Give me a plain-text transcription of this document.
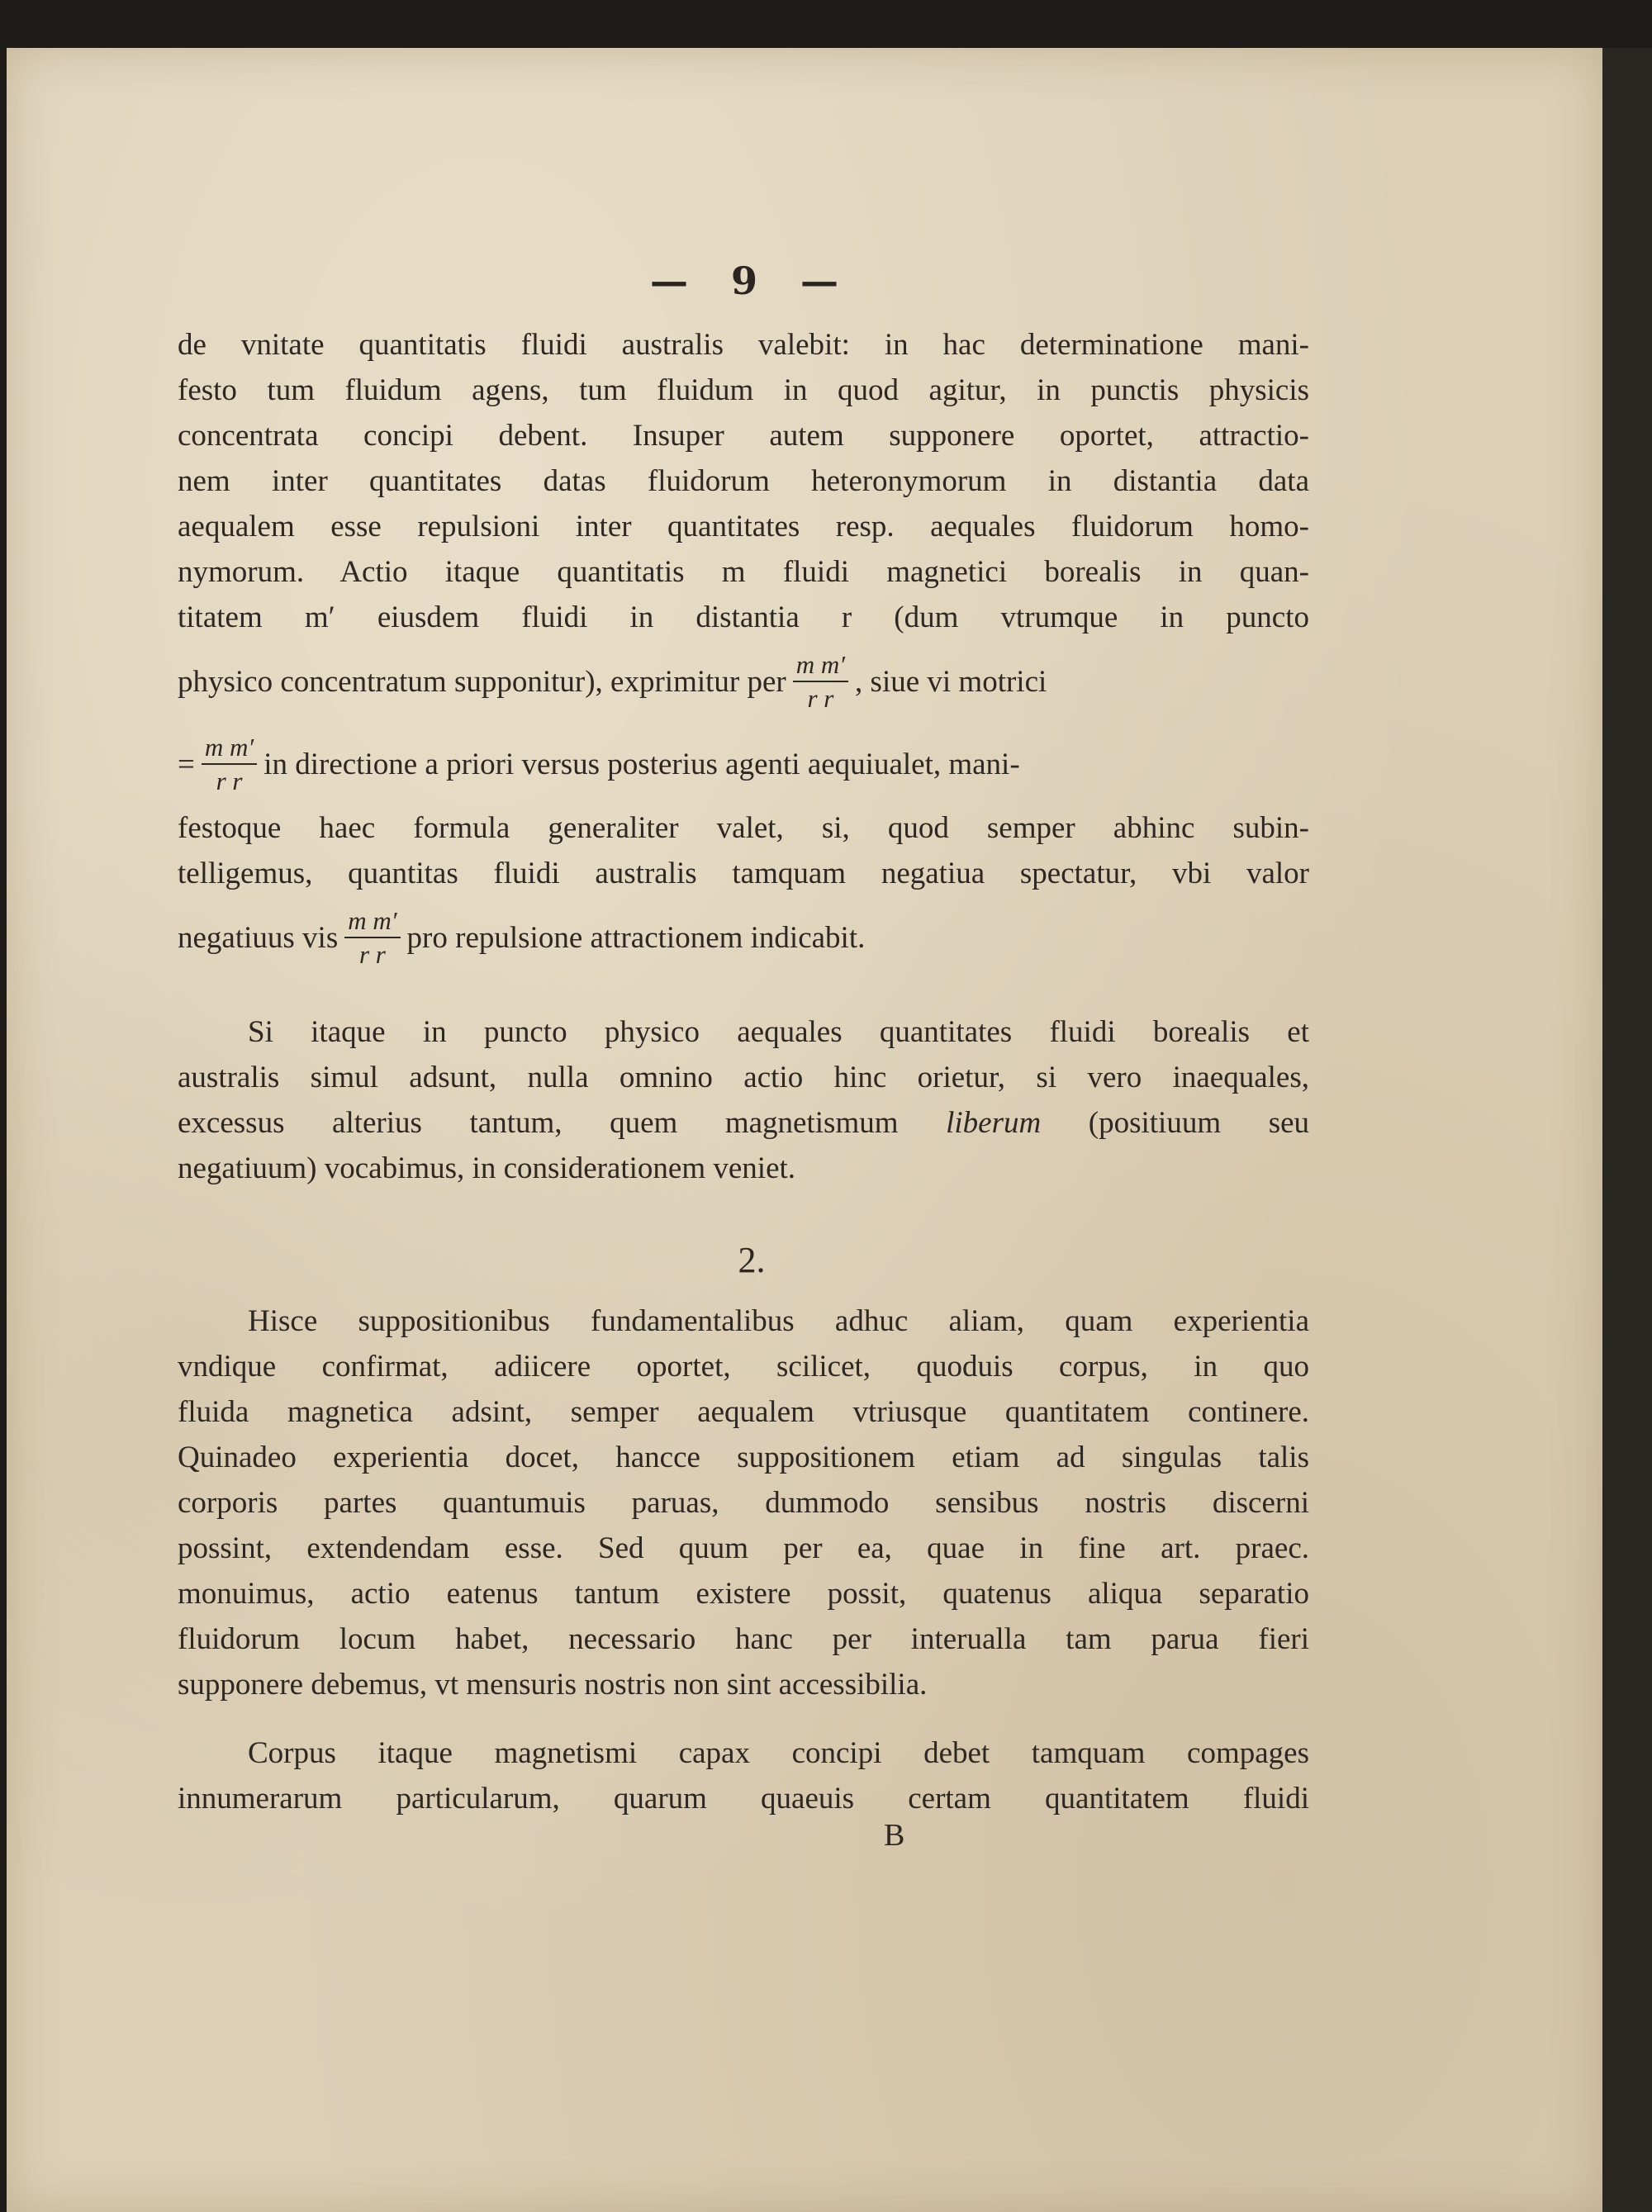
— 9 —
de vnitate quantitatis fluidi australis valebit: in hac determinatione mani-
festo tum fluidum agens, tum fluidum in quod agitur, in punctis physicis
concentrata concipi debent. Insuper autem supponere oportet, attractio-
nem inter quantitates datas fluidorum heteronymorum in distantia data
aequalem esse repulsioni inter quantitates resp. aequales fluidorum homo-
nymorum. Actio itaque quantitatis m fluidi magnetici borealis in quan-
titatem m′ eiusdem fluidi in distantia r (dum vtrumque in puncto
physico concentratum supponitur), exprimitur per $\frac{\text{m m′}}{\text{r r}}$ , siue vi motrici
= $\frac{\text{m m′}}{\text{r r}}$ in directione a priori versus posterius agenti aequiualet, mani-
festoque haec formula generaliter valet, si, quod semper abhinc subin-
telligemus, quantitas fluidi australis tamquam negatiua spectatur, vbi valor
negatiuus vis $\frac{\text{m m′}}{\text{r r}}$ pro repulsione attractionem indicabit.
Si itaque in puncto physico aequales quantitates fluidi borealis et
australis simul adsunt, nulla omnino actio hinc orietur, si vero inaequales,
excessus alterius tantum, quem magnetismum liberum (positiuum seu
negatiuum) vocabimus, in considerationem veniet.
2.
Hisce suppositionibus fundamentalibus adhuc aliam, quam experientia
vndique confirmat, adiicere oportet, scilicet, quoduis corpus, in quo
fluida magnetica adsint, semper aequalem vtriusque quantitatem continere.
Quinadeo experientia docet, hancce suppositionem etiam ad singulas talis
corporis partes quantumuis paruas, dummodo sensibus nostris discerni
possint, extendendam esse. Sed quum per ea, quae in fine art. praec.
monuimus, actio eatenus tantum existere possit, quatenus aliqua separatio
fluidorum locum habet, necessario hanc per interualla tam parua fieri
supponere debemus, vt mensuris nostris non sint accessibilia.
Corpus itaque magnetismi capax concipi debet tamquam compages
innumerarum particularum, quarum quaeuis certam quantitatem fluidi
B
